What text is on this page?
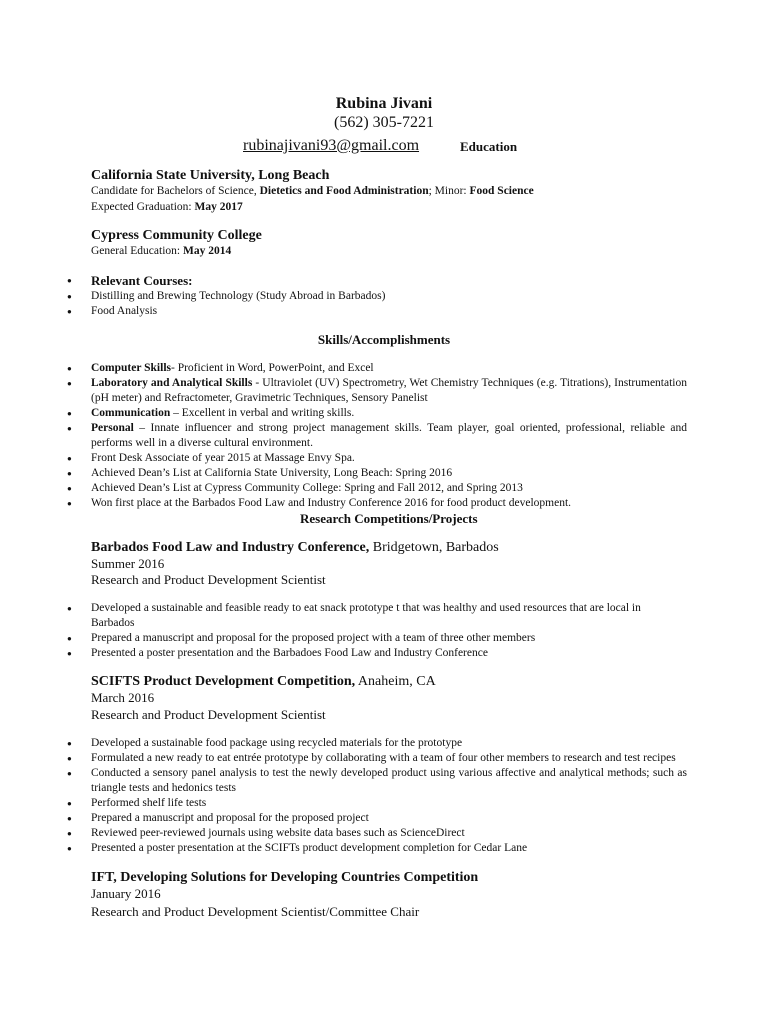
Rubina Jivani
(562) 305-7221
rubinajivani93@gmail.com	Education
California State University, Long Beach
Candidate for Bachelors of Science, Dietetics and Food Administration; Minor: Food Science
Expected Graduation: May 2017
Cypress Community College
General Education: May 2014
● Relevant Courses:
● Distilling and Brewing Technology (Study Abroad in Barbados)
● Food Analysis
Skills/Accomplishments
● Computer Skills- Proficient in Word, PowerPoint, and Excel
● Laboratory and Analytical Skills - Ultraviolet (UV) Spectrometry, Wet Chemistry Techniques (e.g. Titrations), Instrumentation (pH meter) and Refractometer, Gravimetric Techniques, Sensory Panelist
● Communication – Excellent in verbal and writing skills.
● Personal – Innate influencer and strong project management skills. Team player, goal oriented, professional, reliable and performs well in a diverse cultural environment.
● Front Desk Associate of year 2015 at Massage Envy Spa.
● Achieved Dean’s List at California State University, Long Beach: Spring 2016
● Achieved Dean’s List at Cypress Community College: Spring and Fall 2012, and Spring 2013
● Won first place at the Barbados Food Law and Industry Conference 2016 for food product development.
Research Competitions/Projects
Barbados Food Law and Industry Conference, Bridgetown, Barbados
Summer 2016
Research and Product Development Scientist
● Developed a sustainable and feasible ready to eat snack prototype t that was healthy and used resources that are local in Barbados
● Prepared a manuscript and proposal for the proposed project with a team of three other members
● Presented a poster presentation and the Barbadoes Food Law and Industry Conference
SCIFTS Product Development Competition, Anaheim, CA
March 2016
Research and Product Development Scientist
● Developed a sustainable food package using recycled materials for the prototype
● Formulated a new ready to eat entrée prototype by collaborating with a team of four other members to research and test recipes
● Conducted a sensory panel analysis to test the newly developed product using various affective and analytical methods; such as triangle tests and hedonics tests
● Performed shelf life tests
● Prepared a manuscript and proposal for the proposed project
● Reviewed peer-reviewed journals using website data bases such as ScienceDirect
● Presented a poster presentation at the SCIFTs product development completion for Cedar Lane
IFT, Developing Solutions for Developing Countries Competition
January 2016
Research and Product Development Scientist/Committee Chair
